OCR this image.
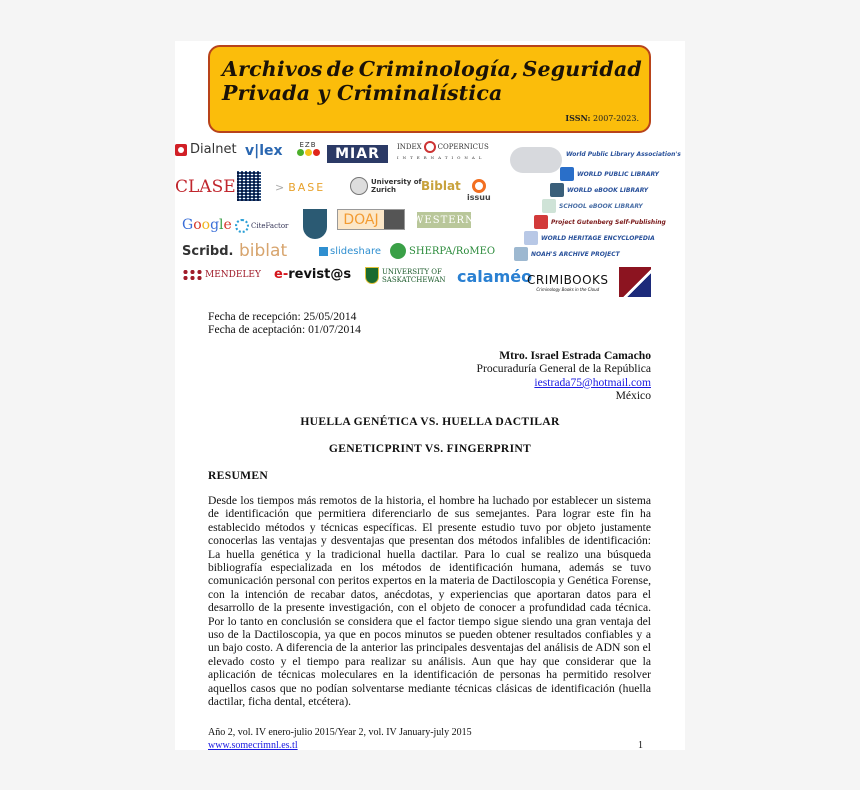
Archivos de Criminología, Seguridad
Privada y Criminalística
ISSN: 2007-2023.
Dialnet v|lex EZB
MIAR	INDEX COPERNICUS
INTERNATIONAL
CLASE	> BASE	University of
Zurich	Biblat
issuu
G o o g l e	CiteFactor	DOAJ	WESTERN
Scribd. biblat	slideshare	SHERPA/RoMEO
MENDELEY e- revist@s	UNIVERSITY OF
SASKATCHEWAN calaméo
World Public Library Association's
WORLD PUBLIC LIBRARY
WORLD eBOOK LIBRARY
SCHOOL eBOOK LIBRARY
Project Gutenberg Self-Publishing
WORLD HERITAGE ENCYCLOPEDIA
NOAH'S ARCHIVE PROJECT
CRIMIBOOKS
Criminology Books in the Cloud
Fecha de recepción: 25/05/2014
Fecha de aceptación: 01/07/2014
Mtro. Israel Estrada Camacho
Procuraduría General de la República
iestrada75@hotmail.com
México
HUELLA GENÉTICA VS. HUELLA DACTILAR
GENETICPRINT VS. FINGERPRINT
RESUMEN
Desde los tiempos más remotos de la historia, el hombre ha luchado por establecer un sistema de identificación que permitiera diferenciarlo de sus semejantes. Para lograr este fin ha establecido métodos y técnicas específicas. El presente estudio tuvo por objeto justamente conocerlas las ventajas y desventajas que presentan dos métodos infalibles de identificación: La huella genética y la tradicional huella dactilar. Para lo cual se realizo una búsqueda bibliografía especializada en los métodos de identificación humana, además se tuvo comunicación personal con peritos expertos en la materia de Dactiloscopia y Genética Forense, con la intención de recabar datos, anécdotas, y experiencias que aportaran datos para el desarrollo de la presente investigación, con el objeto de conocer a profundidad cada técnica. Por lo tanto en conclusión se considera que el factor tiempo sigue siendo una gran ventaja del uso de la Dactiloscopia, ya que en pocos minutos se pueden obtener resultados confiables y a un bajo costo. A diferencia de la anterior las principales desventajas del análisis de ADN son el elevado costo y el tiempo para realizar su análisis. Aun que hay que considerar que la aplicación de técnicas moleculares en la identificación de personas ha permitido resolver aquellos casos que no podían solventarse mediante técnicas clásicas de identificación (huella dactilar, ficha dental, etcétera).
Año 2, vol. IV enero-julio 2015/Year 2, vol. IV January-july 2015
www.somecrimnl.es.tl	1
